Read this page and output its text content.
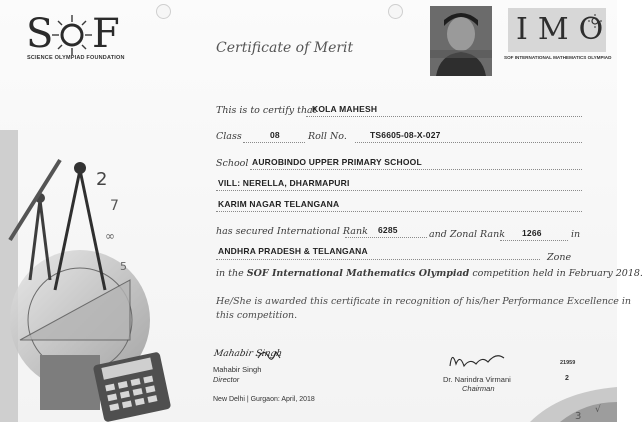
S F
SCIENCE OLYMPIAD FOUNDATION
Certificate of Merit
IMO
SOF INTERNATIONAL MATHEMATICS OLYMPIAD
2
7
∞
5
3
√
This is to certify that
KOLA MAHESH
Class	08	Roll No.	TS6605-08-X-027
School AUROBINDO UPPER PRIMARY SCHOOL
VILL: NERELLA, DHARMAPURI
KARIM NAGAR TELANGANA
has secured International Rank 6285	and Zonal Rank 1266	in
ANDHRA PRADESH & TELANGANA
Zone
in the SOF International Mathematics Olympiad competition held in February 2018.
He/She is awarded this certificate in recognition of his/her Performance Excellence in
this competition.
Mahabir Singh
Mahabir Singh
Director	Dr. Narindra Virmani
Chairman
New Delhi | Gurgaon: April, 2018
21959
2
